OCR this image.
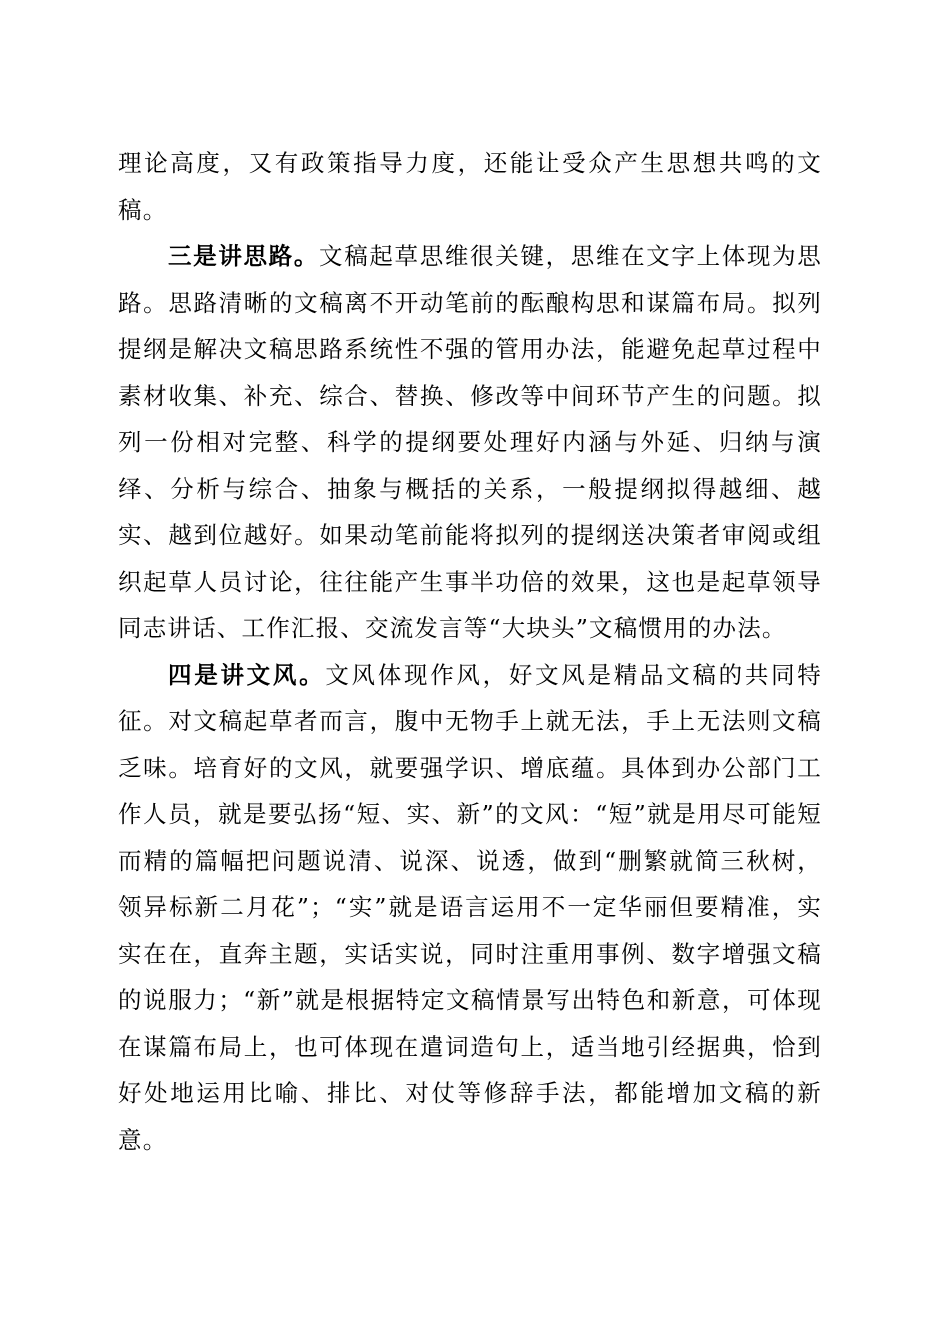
理论高度，又有政策指导力度，还能让受众产生思想共鸣的文稿。

三是讲思路。文稿起草思维很关键，思维在文字上体现为思路。思路清晰的文稿离不开动笔前的酝酿构思和谋篇布局。拟列提纲是解决文稿思路系统性不强的管用办法，能避免起草过程中素材收集、补充、综合、替换、修改等中间环节产生的问题。拟列一份相对完整、科学的提纲要处理好内涵与外延、归纳与演绎、分析与综合、抽象与概括的关系，一般提纲拟得越细、越实、越到位越好。如果动笔前能将拟列的提纲送决策者审阅或组织起草人员讨论，往往能产生事半功倍的效果，这也是起草领导同志讲话、工作汇报、交流发言等“大块头”文稿惯用的办法。

四是讲文风。文风体现作风，好文风是精品文稿的共同特征。对文稿起草者而言，腹中无物手上就无法，手上无法则文稿乏味。培育好的文风，就要强学识、增底蕴。具体到办公部门工作人员，就是要弘扬“短、实、新”的文风：“短”就是用尽可能短而精的篇幅把问题说清、说深、说透，做到“删繁就简三秋树，领异标新二月花”；“实”就是语言运用不一定华丽但要精准，实实在在，直奔主题，实话实说，同时注重用事例、数字增强文稿的说服力；“新”就是根据特定文稿情景写出特色和新意，可体现在谋篇布局上，也可体现在遣词造句上，适当地引经据典，恰到好处地运用比喻、排比、对仗等修辞手法，都能增加文稿的新意。
